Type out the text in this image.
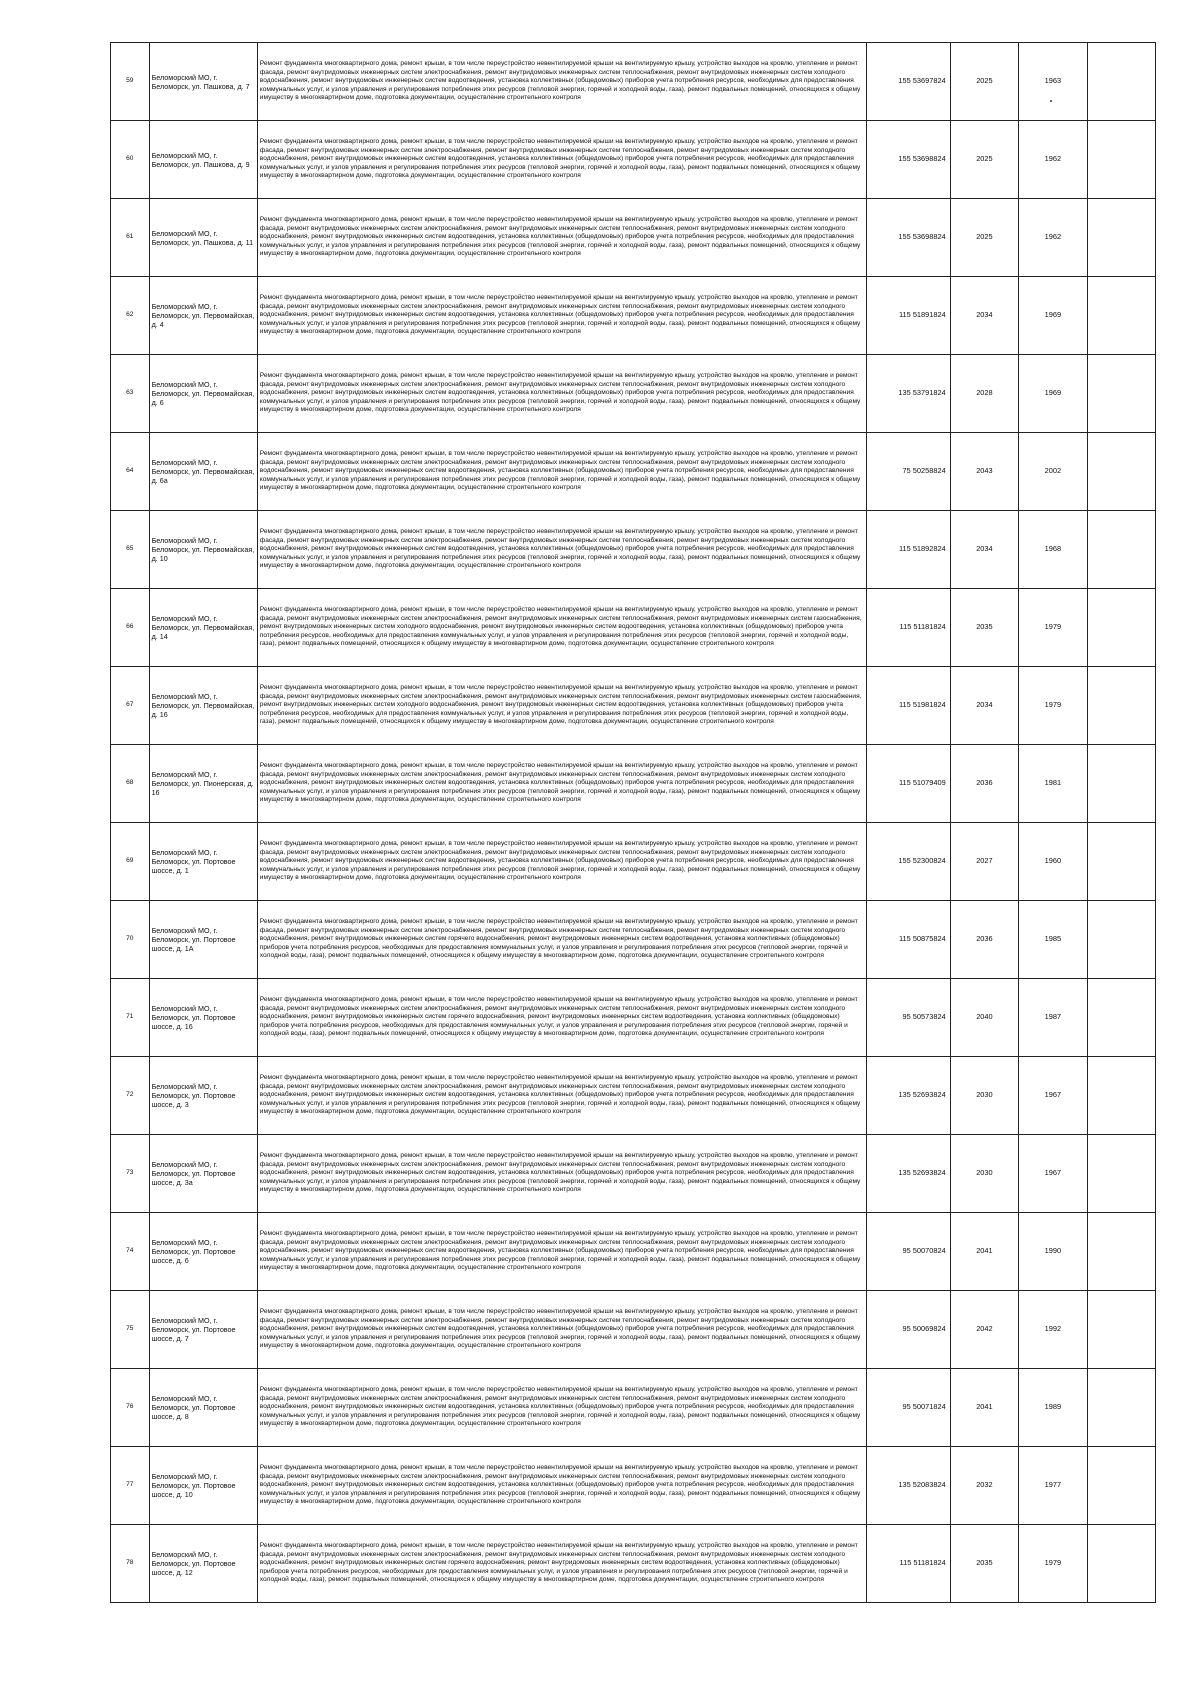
59	Беломорский МО, г. Беломорск, ул. Пашкова, д. 7	Ремонт фундамента многоквартирного дома, ремонт крыши, в том числе переустройство невентилируемой крыши на вентилируемую крышу, устройство выходов на кровлю, утепление и ремонт фасада, ремонт внутридомовых инженерных систем электроснабжения, ремонт внутридомовых инженерных систем теплоснабжения, ремонт внутридомовых инженерных систем холодного водоснабжения, ремонт внутридомовых инженерных систем водоотведения, установка коллективных (общедомовых) приборов учета потребления ресурсов, необходимых для предоставления коммунальных услуг, и узлов управления и регулирования потребления этих ресурсов (тепловой энергии, горячей и холодной воды, газа), ремонт подвальных помещений, относящихся к общему имуществу в многоквартирном доме, подготовка документации, осуществление строительного контроля	155 53697824	2025	1963	
60	Беломорский МО, г. Беломорск, ул. Пашкова, д. 9	Ремонт фундамента многоквартирного дома, ремонт крыши, в том числе переустройство невентилируемой крыши на вентилируемую крышу, устройство выходов на кровлю, утепление и ремонт фасада, ремонт внутридомовых инженерных систем электроснабжения, ремонт внутридомовых инженерных систем теплоснабжения, ремонт внутридомовых инженерных систем холодного водоснабжения, ремонт внутридомовых инженерных систем водоотведения, установка коллективных (общедомовых) приборов учета потребления ресурсов, необходимых для предоставления коммунальных услуг, и узлов управления и регулирования потребления этих ресурсов (тепловой энергии, горячей и холодной воды, газа), ремонт подвальных помещений, относящихся к общему имуществу в многоквартирном доме, подготовка документации, осуществление строительного контроля	155 53698824	2025	1962	
61	Беломорский МО, г. Беломорск, ул. Пашкова, д. 11	Ремонт фундамента многоквартирного дома, ремонт крыши, в том числе переустройство невентилируемой крыши на вентилируемую крышу, устройство выходов на кровлю, утепление и ремонт фасада, ремонт внутридомовых инженерных систем электроснабжения, ремонт внутридомовых инженерных систем теплоснабжения, ремонт внутридомовых инженерных систем холодного водоснабжения, ремонт внутридомовых инженерных систем водоотведения, установка коллективных (общедомовых) приборов учета потребления ресурсов, необходимых для предоставления коммунальных услуг, и узлов управления и регулирования потребления этих ресурсов (тепловой энергии, горячей и холодной воды, газа), ремонт подвальных помещений, относящихся к общему имуществу в многоквартирном доме, подготовка документации, осуществление строительного контроля	155 53698824	2025	1962	
62	Беломорский МО, г. Беломорск, ул. Первомайская, д. 4	Ремонт фундамента многоквартирного дома, ремонт крыши, в том числе переустройство невентилируемой крыши на вентилируемую крышу, устройство выходов на кровлю, утепление и ремонт фасада, ремонт внутридомовых инженерных систем электроснабжения, ремонт внутридомовых инженерных систем теплоснабжения, ремонт внутридомовых инженерных систем холодного водоснабжения, ремонт внутридомовых инженерных систем водоотведения, установка коллективных (общедомовых) приборов учета потребления ресурсов, необходимых для предоставления коммунальных услуг, и узлов управления и регулирования потребления этих ресурсов (тепловой энергии, горячей и холодной воды, газа), ремонт подвальных помещений, относящихся к общему имуществу в многоквартирном доме, подготовка документации, осуществление строительного контроля	115 51891824	2034	1969	
63	Беломорский МО, г. Беломорск, ул. Первомайская, д. 6	Ремонт фундамента многоквартирного дома, ремонт крыши, в том числе переустройство невентилируемой крыши на вентилируемую крышу, устройство выходов на кровлю, утепление и ремонт фасада, ремонт внутридомовых инженерных систем электроснабжения, ремонт внутридомовых инженерных систем теплоснабжения, ремонт внутридомовых инженерных систем холодного водоснабжения, ремонт внутридомовых инженерных систем водоотведения, установка коллективных (общедомовых) приборов учета потребления ресурсов, необходимых для предоставления коммунальных услуг, и узлов управления и регулирования потребления этих ресурсов (тепловой энергии, горячей и холодной воды, газа), ремонт подвальных помещений, относящихся к общему имуществу в многоквартирном доме, подготовка документации, осуществление строительного контроля	135 53791824	2028	1969	
64	Беломорский МО, г. Беломорск, ул. Первомайская, д. 6а	Ремонт фундамента многоквартирного дома, ремонт крыши, в том числе переустройство невентилируемой крыши на вентилируемую крышу, устройство выходов на кровлю, утепление и ремонт фасада, ремонт внутридомовых инженерных систем электроснабжения, ремонт внутридомовых инженерных систем теплоснабжения, ремонт внутридомовых инженерных систем холодного водоснабжения, ремонт внутридомовых инженерных систем водоотведения, установка коллективных (общедомовых) приборов учета потребления ресурсов, необходимых для предоставления коммунальных услуг, и узлов управления и регулирования потребления этих ресурсов (тепловой энергии, горячей и холодной воды, газа), ремонт подвальных помещений, относящихся к общему имуществу в многоквартирном доме, подготовка документации, осуществление строительного контроля	75 50258824	2043	2002	
65	Беломорский МО, г. Беломорск, ул. Первомайская, д. 10	Ремонт фундамента многоквартирного дома, ремонт крыши, в том числе переустройство невентилируемой крыши на вентилируемую крышу, устройство выходов на кровлю, утепление и ремонт фасада, ремонт внутридомовых инженерных систем электроснабжения, ремонт внутридомовых инженерных систем теплоснабжения, ремонт внутридомовых инженерных систем холодного водоснабжения, ремонт внутридомовых инженерных систем водоотведения, установка коллективных (общедомовых) приборов учета потребления ресурсов, необходимых для предоставления коммунальных услуг, и узлов управления и регулирования потребления этих ресурсов (тепловой энергии, горячей и холодной воды, газа), ремонт подвальных помещений, относящихся к общему имуществу в многоквартирном доме, подготовка документации, осуществление строительного контроля	115 51892824	2034	1968	
66	Беломорский МО, г. Беломорск, ул. Первомайская, д. 14	Ремонт фундамента многоквартирного дома, ремонт крыши, в том числе переустройство невентилируемой крыши на вентилируемую крышу, устройство выходов на кровлю, утепление и ремонт фасада, ремонт внутридомовых инженерных систем электроснабжения, ремонт внутридомовых инженерных систем теплоснабжения, ремонт внутридомовых инженерных систем газоснабжения, ремонт внутридомовых инженерных систем холодного водоснабжения, ремонт внутридомовых инженерных систем водоотведения, установка коллективных (общедомовых) приборов учета потребления ресурсов, необходимых для предоставления коммунальных услуг, и узлов управления и регулирования потребления этих ресурсов (тепловой энергии, горячей и холодной воды, газа), ремонт подвальных помещений, относящихся к общему имуществу в многоквартирном доме, подготовка документации, осуществление строительного контроля	115 51181824	2035	1979	
67	Беломорский МО, г. Беломорск, ул. Первомайская, д. 16	Ремонт фундамента многоквартирного дома, ремонт крыши, в том числе переустройство невентилируемой крыши на вентилируемую крышу, устройство выходов на кровлю, утепление и ремонт фасада, ремонт внутридомовых инженерных систем электроснабжения, ремонт внутридомовых инженерных систем теплоснабжения, ремонт внутридомовых инженерных систем газоснабжения, ремонт внутридомовых инженерных систем холодного водоснабжения, ремонт внутридомовых инженерных систем водоотведения, установка коллективных (общедомовых) приборов учета потребления ресурсов, необходимых для предоставления коммунальных услуг, и узлов управления и регулирования потребления этих ресурсов (тепловой энергии, горячей и холодной воды, газа), ремонт подвальных помещений, относящихся к общему имуществу в многоквартирном доме, подготовка документации, осуществление строительного контроля	115 51981824	2034	1979	
68	Беломорский МО, г. Беломорск, ул. Пионерская, д. 16	Ремонт фундамента многоквартирного дома, ремонт крыши, в том числе переустройство невентилируемой крыши на вентилируемую крышу, устройство выходов на кровлю, утепление и ремонт фасада, ремонт внутридомовых инженерных систем электроснабжения, ремонт внутридомовых инженерных систем теплоснабжения, ремонт внутридомовых инженерных систем холодного водоснабжения, ремонт внутридомовых инженерных систем водоотведения, установка коллективных (общедомовых) приборов учета потребления ресурсов, необходимых для предоставления коммунальных услуг, и узлов управления и регулирования потребления этих ресурсов (тепловой энергии, горячей и холодной воды, газа), ремонт подвальных помещений, относящихся к общему имуществу в многоквартирном доме, подготовка документации, осуществление строительного контроля	115 51079409	2036	1981	
69	Беломорский МО, г. Беломорск, ул. Портовое шоссе, д. 1	Ремонт фундамента многоквартирного дома, ремонт крыши, в том числе переустройство невентилируемой крыши на вентилируемую крышу, устройство выходов на кровлю, утепление и ремонт фасада, ремонт внутридомовых инженерных систем электроснабжения, ремонт внутридомовых инженерных систем теплоснабжения, ремонт внутридомовых инженерных систем холодного водоснабжения, ремонт внутридомовых инженерных систем водоотведения, установка коллективных (общедомовых) приборов учета потребления ресурсов, необходимых для предоставления коммунальных услуг, и узлов управления и регулирования потребления этих ресурсов (тепловой энергии, горячей и холодной воды, газа), ремонт подвальных помещений, относящихся к общему имуществу в многоквартирном доме, подготовка документации, осуществление строительного контроля	155 52300824	2027	1960	
70	Беломорский МО, г. Беломорск, ул. Портовое шоссе, д. 1А	Ремонт фундамента многоквартирного дома, ремонт крыши, в том числе переустройство невентилируемой крыши на вентилируемую крышу, устройство выходов на кровлю, утепление и ремонт фасада, ремонт внутридомовых инженерных систем электроснабжения, ремонт внутридомовых инженерных систем теплоснабжения, ремонт внутридомовых инженерных систем холодного водоснабжения, ремонт внутридомовых инженерных систем горячего водоснабжения, ремонт внутридомовых инженерных систем водоотведения, установка коллективных (общедомовых) приборов учета потребления ресурсов, необходимых для предоставления коммунальных услуг, и узлов управления и регулирования потребления этих ресурсов (тепловой энергии, горячей и холодной воды, газа), ремонт подвальных помещений, относящихся к общему имуществу в многоквартирном доме, подготовка документации, осуществление строительного контроля	115 50875824	2036	1985	
71	Беломорский МО, г. Беломорск, ул. Портовое шоссе, д. 16	Ремонт фундамента многоквартирного дома, ремонт крыши, в том числе переустройство невентилируемой крыши на вентилируемую крышу, устройство выходов на кровлю, утепление и ремонт фасада, ремонт внутридомовых инженерных систем электроснабжения, ремонт внутридомовых инженерных систем теплоснабжения, ремонт внутридомовых инженерных систем холодного водоснабжения, ремонт внутридомовых инженерных систем горячего водоснабжения, ремонт внутридомовых инженерных систем водоотведения, установка коллективных (общедомовых) приборов учета потребления ресурсов, необходимых для предоставления коммунальных услуг, и узлов управления и регулирования потребления этих ресурсов (тепловой энергии, горячей и холодной воды, газа), ремонт подвальных помещений, относящихся к общему имуществу в многоквартирном доме, подготовка документации, осуществление строительного контроля	95 50573824	2040	1987	
72	Беломорский МО, г. Беломорск, ул. Портовое шоссе, д. 3	Ремонт фундамента многоквартирного дома, ремонт крыши, в том числе переустройство невентилируемой крыши на вентилируемую крышу, устройство выходов на кровлю, утепление и ремонт фасада, ремонт внутридомовых инженерных систем электроснабжения, ремонт внутридомовых инженерных систем теплоснабжения, ремонт внутридомовых инженерных систем холодного водоснабжения, ремонт внутридомовых инженерных систем водоотведения, установка коллективных (общедомовых) приборов учета потребления ресурсов, необходимых для предоставления коммунальных услуг, и узлов управления и регулирования потребления этих ресурсов (тепловой энергии, горячей и холодной воды, газа), ремонт подвальных помещений, относящихся к общему имуществу в многоквартирном доме, подготовка документации, осуществление строительного контроля	135 52693824	2030	1967	
73	Беломорский МО, г. Беломорск, ул. Портовое шоссе, д. 3а	Ремонт фундамента многоквартирного дома, ремонт крыши, в том числе переустройство невентилируемой крыши на вентилируемую крышу, устройство выходов на кровлю, утепление и ремонт фасада, ремонт внутридомовых инженерных систем электроснабжения, ремонт внутридомовых инженерных систем теплоснабжения, ремонт внутридомовых инженерных систем холодного водоснабжения, ремонт внутридомовых инженерных систем водоотведения, установка коллективных (общедомовых) приборов учета потребления ресурсов, необходимых для предоставления коммунальных услуг, и узлов управления и регулирования потребления этих ресурсов (тепловой энергии, горячей и холодной воды, газа), ремонт подвальных помещений, относящихся к общему имуществу в многоквартирном доме, подготовка документации, осуществление строительного контроля	135 52693824	2030	1967	
74	Беломорский МО, г. Беломорск, ул. Портовое шоссе, д. 6	Ремонт фундамента многоквартирного дома, ремонт крыши, в том числе переустройство невентилируемой крыши на вентилируемую крышу, устройство выходов на кровлю, утепление и ремонт фасада, ремонт внутридомовых инженерных систем электроснабжения, ремонт внутридомовых инженерных систем теплоснабжения, ремонт внутридомовых инженерных систем холодного водоснабжения, ремонт внутридомовых инженерных систем водоотведения, установка коллективных (общедомовых) приборов учета потребления ресурсов, необходимых для предоставления коммунальных услуг, и узлов управления и регулирования потребления этих ресурсов (тепловой энергии, горячей и холодной воды, газа), ремонт подвальных помещений, относящихся к общему имуществу в многоквартирном доме, подготовка документации, осуществление строительного контроля	95 50070824	2041	1990	
75	Беломорский МО, г. Беломорск, ул. Портовое шоссе, д. 7	Ремонт фундамента многоквартирного дома, ремонт крыши, в том числе переустройство невентилируемой крыши на вентилируемую крышу, устройство выходов на кровлю, утепление и ремонт фасада, ремонт внутридомовых инженерных систем электроснабжения, ремонт внутридомовых инженерных систем теплоснабжения, ремонт внутридомовых инженерных систем холодного водоснабжения, ремонт внутридомовых инженерных систем водоотведения, установка коллективных (общедомовых) приборов учета потребления ресурсов, необходимых для предоставления коммунальных услуг, и узлов управления и регулирования потребления этих ресурсов (тепловой энергии, горячей и холодной воды, газа), ремонт подвальных помещений, относящихся к общему имуществу в многоквартирном доме, подготовка документации, осуществление строительного контроля	95 50069824	2042	1992	
76	Беломорский МО, г. Беломорск, ул. Портовое шоссе, д. 8	Ремонт фундамента многоквартирного дома, ремонт крыши, в том числе переустройство невентилируемой крыши на вентилируемую крышу, устройство выходов на кровлю, утепление и ремонт фасада, ремонт внутридомовых инженерных систем электроснабжения, ремонт внутридомовых инженерных систем теплоснабжения, ремонт внутридомовых инженерных систем холодного водоснабжения, ремонт внутридомовых инженерных систем водоотведения, установка коллективных (общедомовых) приборов учета потребления ресурсов, необходимых для предоставления коммунальных услуг, и узлов управления и регулирования потребления этих ресурсов (тепловой энергии, горячей и холодной воды, газа), ремонт подвальных помещений, относящихся к общему имуществу в многоквартирном доме, подготовка документации, осуществление строительного контроля	95 50071824	2041	1989	
77	Беломорский МО, г. Беломорск, ул. Портовое шоссе, д. 10	Ремонт фундамента многоквартирного дома, ремонт крыши, в том числе переустройство невентилируемой крыши на вентилируемую крышу, устройство выходов на кровлю, утепление и ремонт фасада, ремонт внутридомовых инженерных систем электроснабжения, ремонт внутридомовых инженерных систем теплоснабжения, ремонт внутридомовых инженерных систем холодного водоснабжения, ремонт внутридомовых инженерных систем водоотведения, установка коллективных (общедомовых) приборов учета потребления ресурсов, необходимых для предоставления коммунальных услуг, и узлов управления и регулирования потребления этих ресурсов (тепловой энергии, горячей и холодной воды, газа), ремонт подвальных помещений, относящихся к общему имуществу в многоквартирном доме, подготовка документации, осуществление строительного контроля	135 52083824	2032	1977	
78	Беломорский МО, г. Беломорск, ул. Портовое шоссе, д. 12	Ремонт фундамента многоквартирного дома, ремонт крыши, в том числе переустройство невентилируемой крыши на вентилируемую крышу, устройство выходов на кровлю, утепление и ремонт фасада, ремонт внутридомовых инженерных систем электроснабжения, ремонт внутридомовых инженерных систем теплоснабжения, ремонт внутридомовых инженерных систем холодного водоснабжения, ремонт внутридомовых инженерных систем горячего водоснабжения, ремонт внутридомовых инженерных систем водоотведения, установка коллективных (общедомовых) приборов учета потребления ресурсов, необходимых для предоставления коммунальных услуг, и узлов управления и регулирования потребления этих ресурсов (тепловой энергии, горячей и холодной воды, газа), ремонт подвальных помещений, относящихся к общему имуществу в многоквартирном доме, подготовка документации, осуществление строительного контроля	115 51181824	2035	1979	
